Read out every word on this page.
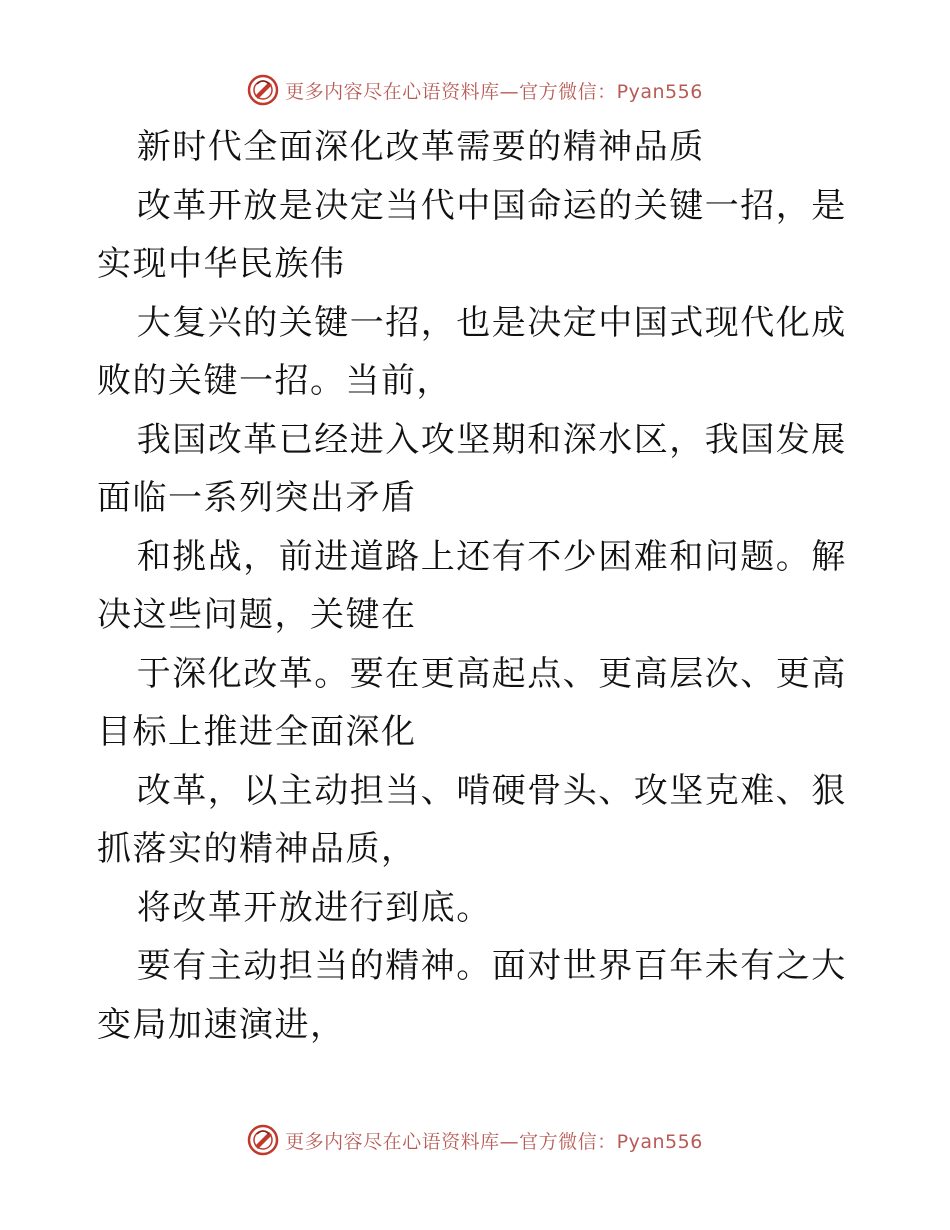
更多内容尽在心语资料库—官方微信：Pyan556

新时代全面深化改革需要的精神品质

改革开放是决定当代中国命运的关键一招，是实现中华民族伟

大复兴的关键一招，也是决定中国式现代化成败的关键一招。当前，

我国改革已经进入攻坚期和深水区，我国发展面临一系列突出矛盾

和挑战，前进道路上还有不少困难和问题。解决这些问题，关键在

于深化改革。要在更高起点、更高层次、更高目标上推进全面深化

改革，以主动担当、啃硬骨头、攻坚克难、狠抓落实的精神品质，

将改革开放进行到底。

要有主动担当的精神。面对世界百年未有之大变局加速演进，

更多内容尽在心语资料库—官方微信：Pyan556
